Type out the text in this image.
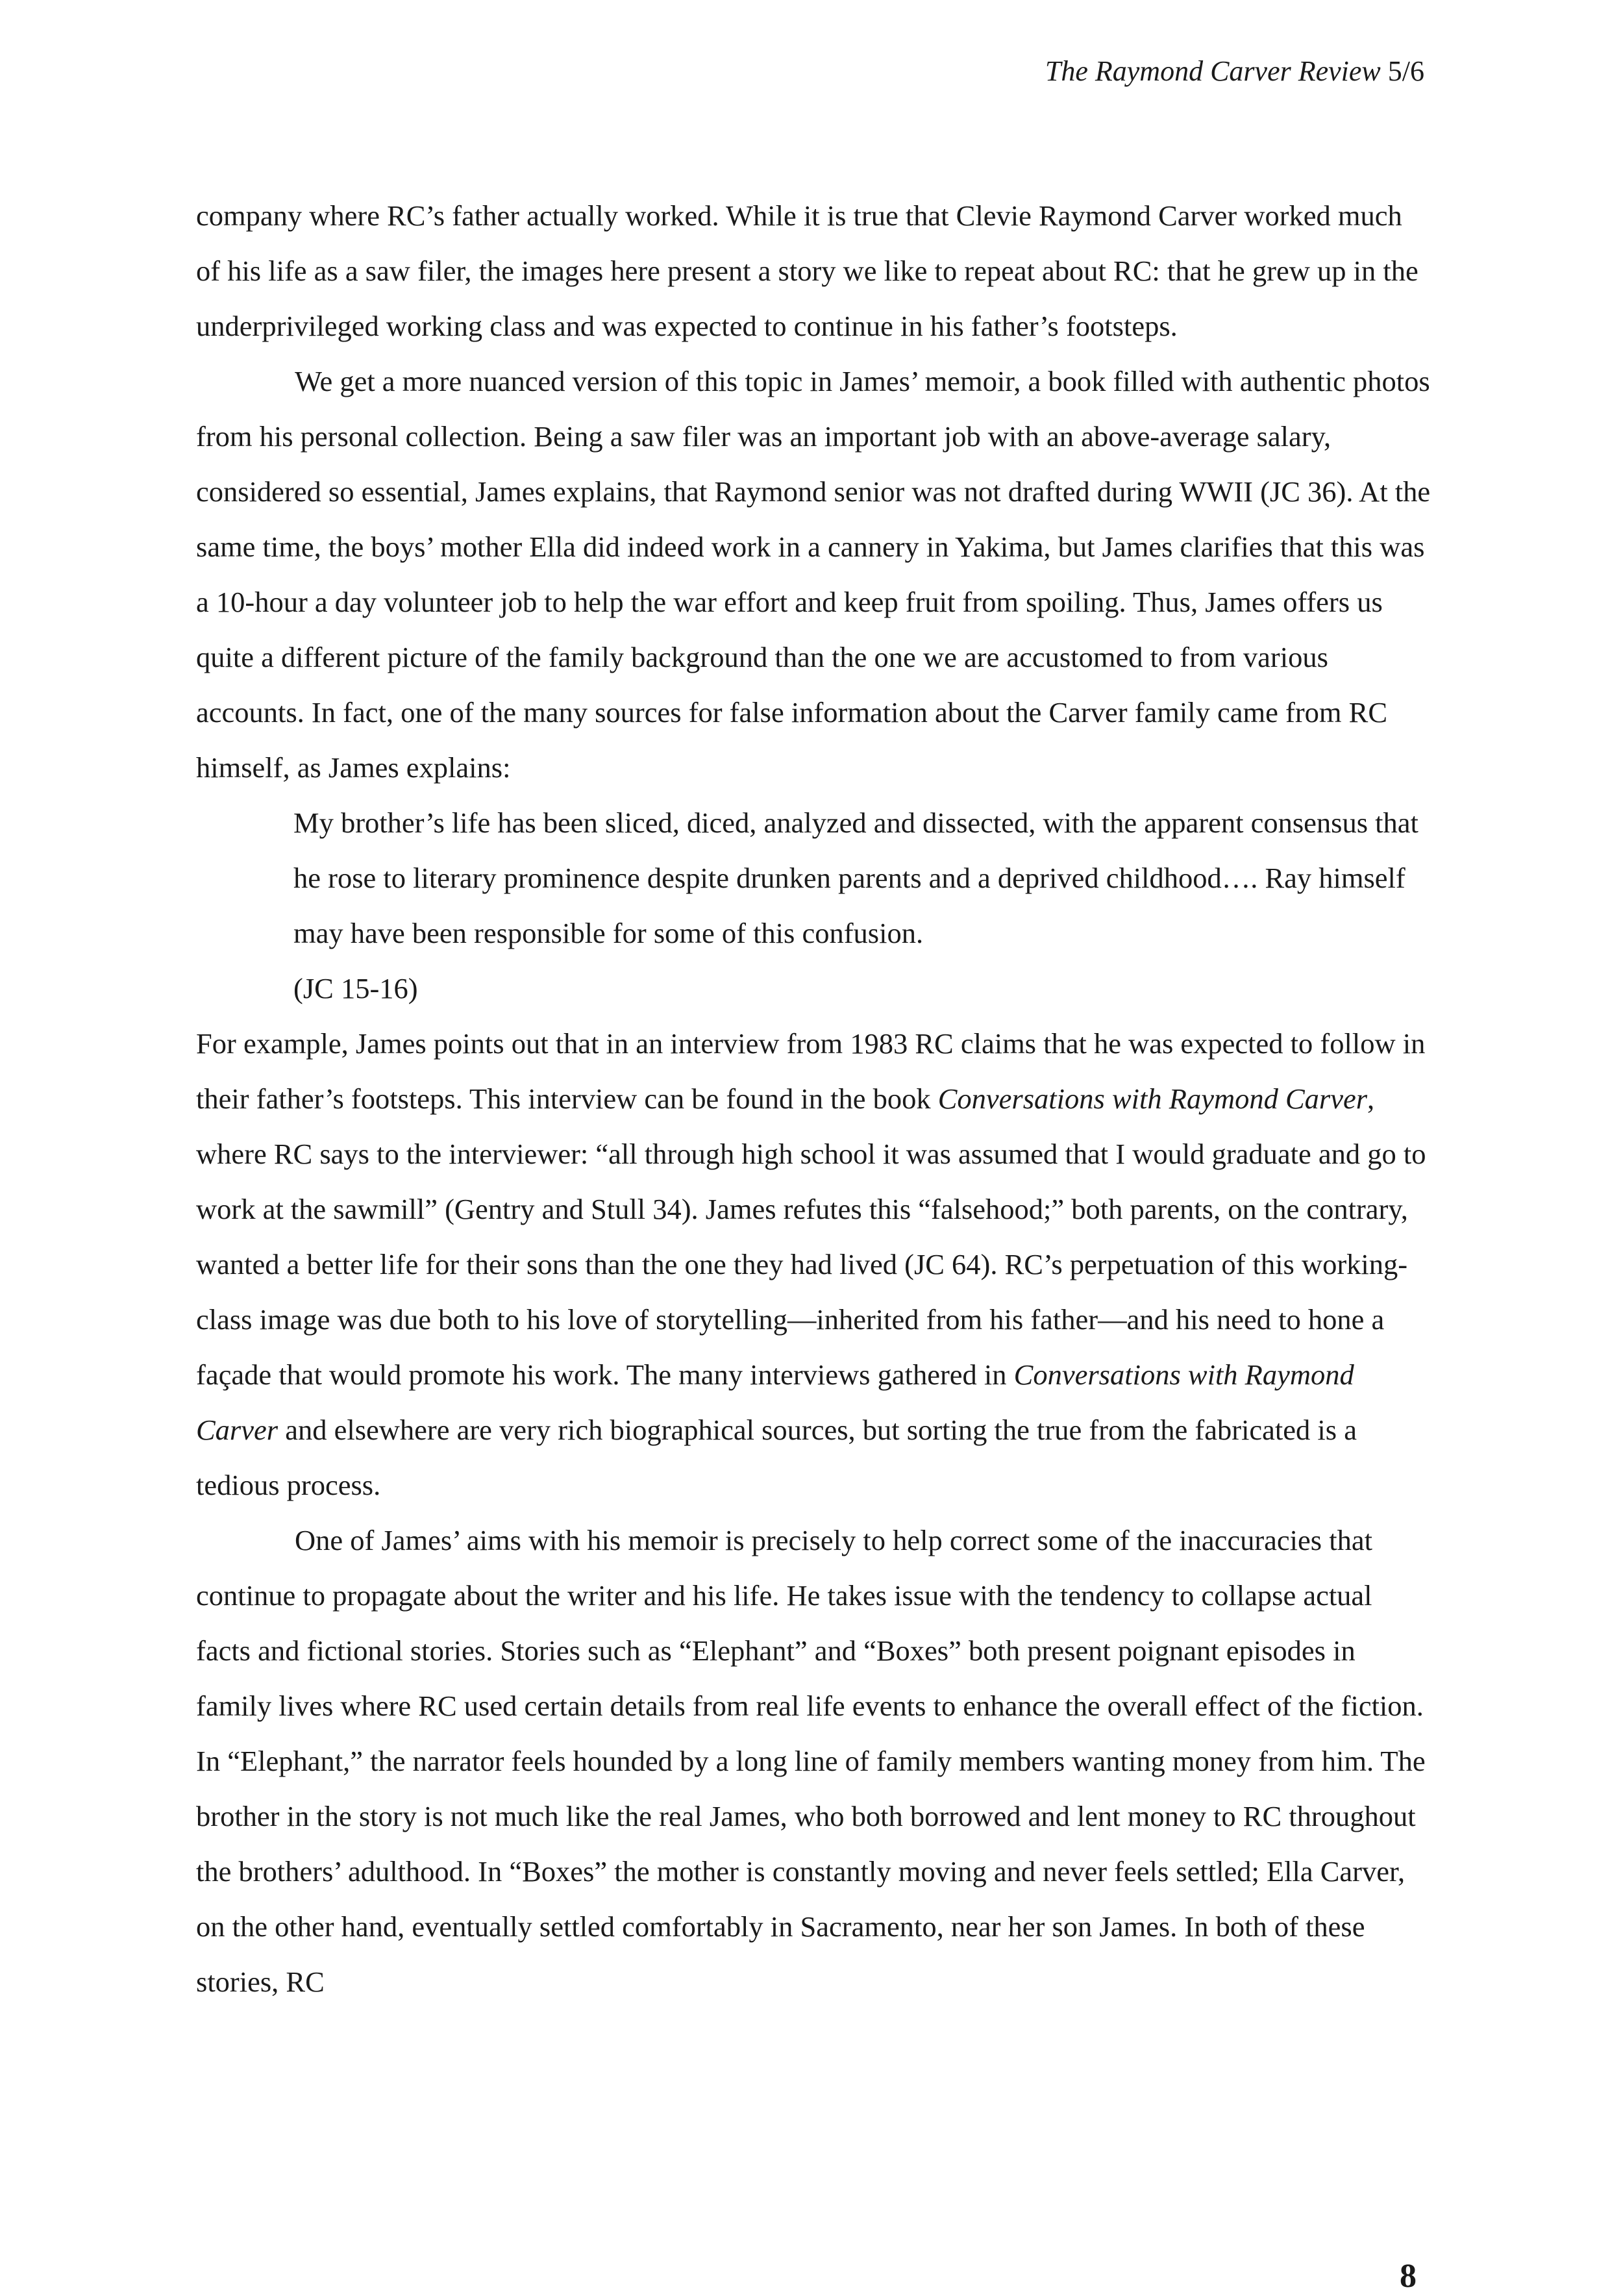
The Raymond Carver Review 5/6

company where RC’s father actually worked. While it is true that Clevie Raymond Carver worked much of his life as a saw filer, the images here present a story we like to repeat about RC: that he grew up in the underprivileged working class and was expected to continue in his father’s footsteps.

We get a more nuanced version of this topic in James’ memoir, a book filled with authentic photos from his personal collection. Being a saw filer was an important job with an above-average salary, considered so essential, James explains, that Raymond senior was not drafted during WWII (JC 36). At the same time, the boys’ mother Ella did indeed work in a cannery in Yakima, but James clarifies that this was a 10-hour a day volunteer job to help the war effort and keep fruit from spoiling. Thus, James offers us quite a different picture of the family background than the one we are accustomed to from various accounts. In fact, one of the many sources for false information about the Carver family came from RC himself, as James explains:

My brother’s life has been sliced, diced, analyzed and dissected, with the apparent consensus that he rose to literary prominence despite drunken parents and a deprived childhood…. Ray himself may have been responsible for some of this confusion.
(JC 15-16)

For example, James points out that in an interview from 1983 RC claims that he was expected to follow in their father’s footsteps. This interview can be found in the book Conversations with Raymond Carver, where RC says to the interviewer: “all through high school it was assumed that I would graduate and go to work at the sawmill” (Gentry and Stull 34). James refutes this “falsehood;” both parents, on the contrary, wanted a better life for their sons than the one they had lived (JC 64). RC’s perpetuation of this working-class image was due both to his love of storytelling—inherited from his father—and his need to hone a façade that would promote his work. The many interviews gathered in Conversations with Raymond Carver and elsewhere are very rich biographical sources, but sorting the true from the fabricated is a tedious process.

One of James’ aims with his memoir is precisely to help correct some of the inaccuracies that continue to propagate about the writer and his life. He takes issue with the tendency to collapse actual facts and fictional stories. Stories such as “Elephant” and “Boxes” both present poignant episodes in family lives where RC used certain details from real life events to enhance the overall effect of the fiction. In “Elephant,” the narrator feels hounded by a long line of family members wanting money from him. The brother in the story is not much like the real James, who both borrowed and lent money to RC throughout the brothers’ adulthood. In “Boxes” the mother is constantly moving and never feels settled; Ella Carver, on the other hand, eventually settled comfortably in Sacramento, near her son James. In both of these stories, RC

8
